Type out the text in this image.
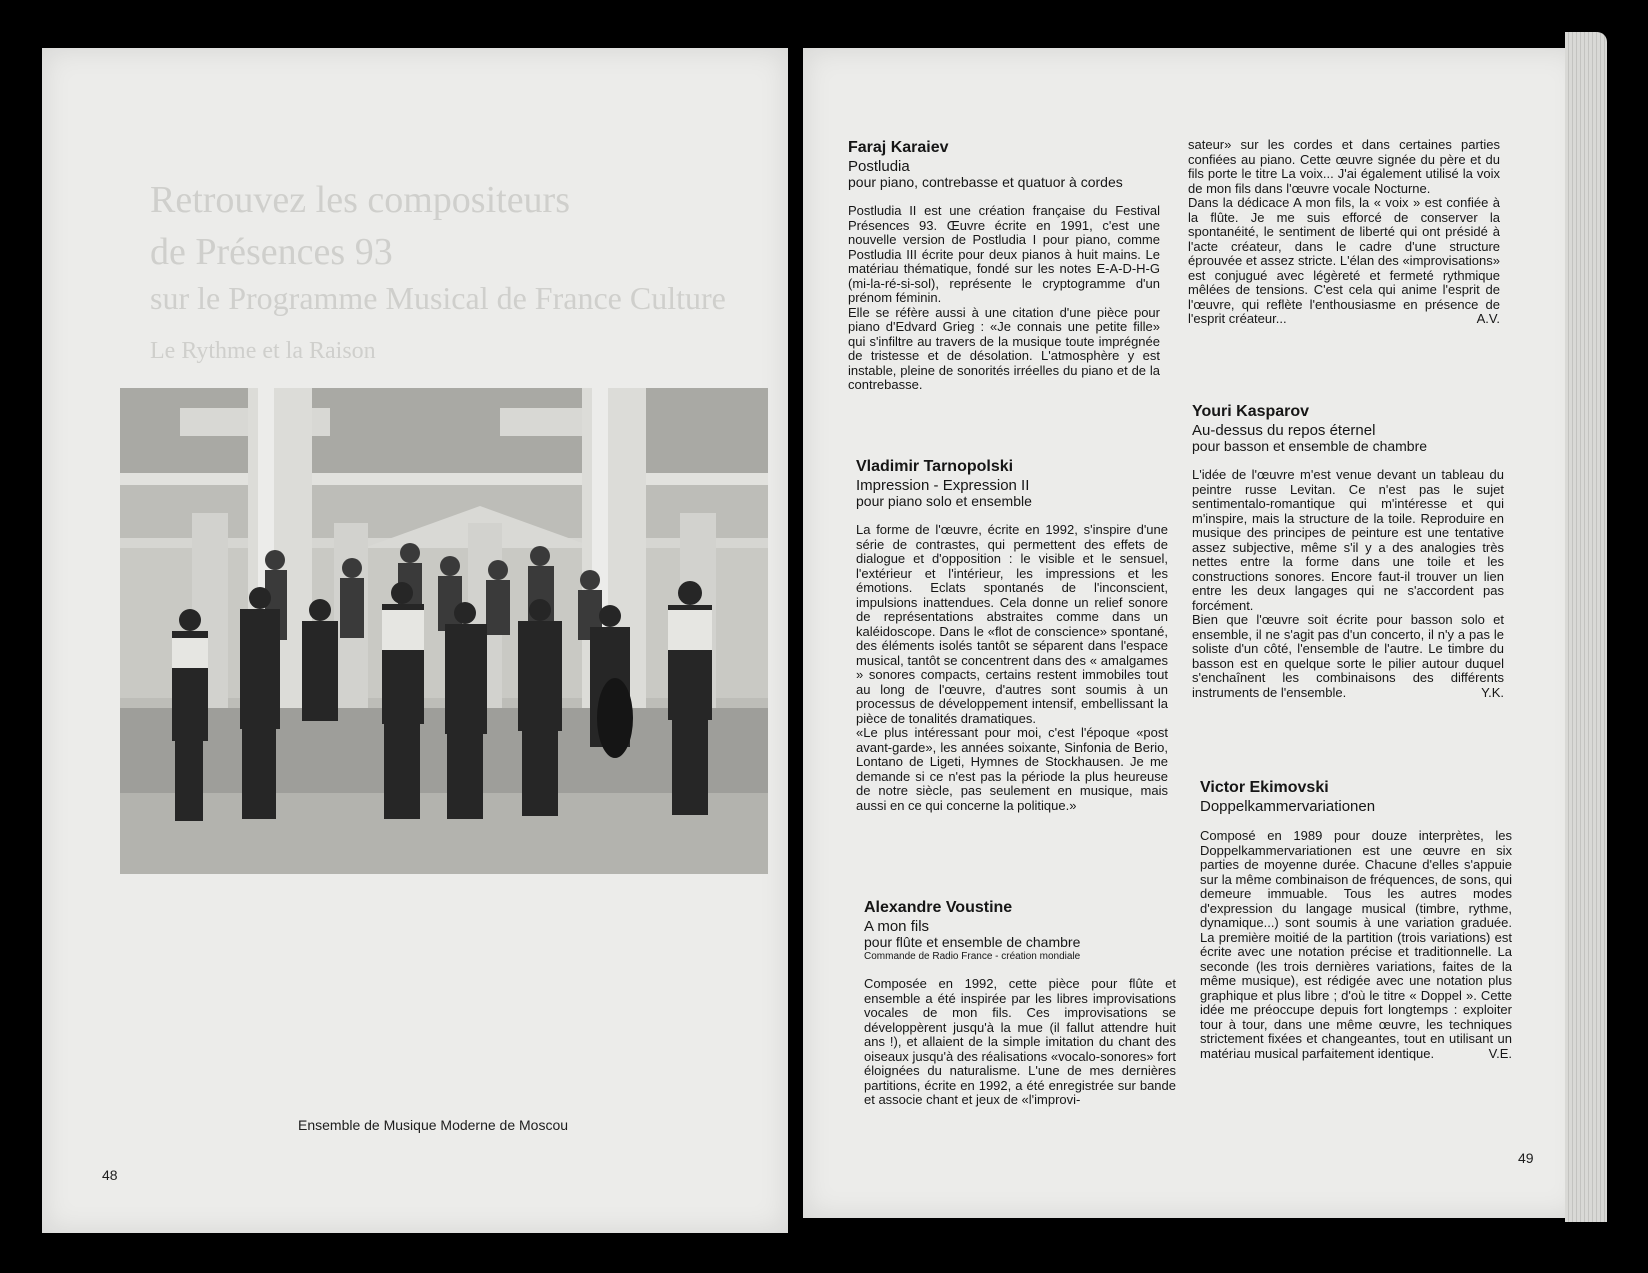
Retrouvez les compositeurs
de Présences 93
sur le Programme Musical de France Culture
Le Rythme et la Raison
Ensemble de Musique Moderne de Moscou
48
49
Faraj Karaiev
Postludia
pour piano, contrebasse et quatuor à cordes

Postludia II est une création française du Festival Présences 93. Œuvre écrite en 1991, c'est une nouvelle version de Postludia I pour piano, comme Postludia III écrite pour deux pianos à huit mains. Le matériau thématique, fondé sur les notes E-A-D-H-G (mi-la-ré-si-sol), représente le cryptogramme d'un prénom féminin.

Elle se réfère aussi à une citation d'une pièce pour piano d'Edvard Grieg : «Je connais une petite fille» qui s'infiltre au travers de la musique toute imprégnée de tristesse et de désolation. L'atmosphère y est instable, pleine de sonorités irréelles du piano et de la contrebasse.

Vladimir Tarnopolski
Impression - Expression II
pour piano solo et ensemble

La forme de l'œuvre, écrite en 1992, s'inspire d'une série de contrastes, qui permettent des effets de dialogue et d'opposition : le visible et le sensuel, l'extérieur et l'intérieur, les impressions et les émotions. Eclats spontanés de l'inconscient, impulsions inattendues. Cela donne un relief sonore de représentations abstraites comme dans un kaléidoscope. Dans le «flot de conscience» spontané, des éléments isolés tantôt se séparent dans l'espace musical, tantôt se concentrent dans des « amalgames » sonores compacts, certains restent immobiles tout au long de l'œuvre, d'autres sont soumis à un processus de développement intensif, embellissant la pièce de tonalités dramatiques.

«Le plus intéressant pour moi, c'est l'époque «post avant-garde», les années soixante, Sinfonia de Berio, Lontano de Ligeti, Hymnes de Stockhausen. Je me demande si ce n'est pas la période la plus heureuse de notre siècle, pas seulement en musique, mais aussi en ce qui concerne la politique.»

Alexandre Voustine
A mon fils
pour flûte et ensemble de chambre
Commande de Radio France - création mondiale

Composée en 1992, cette pièce pour flûte et ensemble a été inspirée par les libres improvisations vocales de mon fils. Ces improvisations se développèrent jusqu'à la mue (il fallut attendre huit ans !), et allaient de la simple imitation du chant des oiseaux jusqu'à des réalisations «vocalo-sonores» fort éloignées du naturalisme. L'une de mes dernières partitions, écrite en 1992, a été enregistrée sur bande et associe chant et jeux de «l'improvi-

sateur» sur les cordes et dans certaines parties confiées au piano. Cette œuvre signée du père et du fils porte le titre La voix... J'ai également utilisé la voix de mon fils dans l'œuvre vocale Nocturne.

Dans la dédicace A mon fils, la « voix » est confiée à la flûte. Je me suis efforcé de conserver la spontanéité, le sentiment de liberté qui ont présidé à l'acte créateur, dans le cadre d'une structure éprouvée et assez stricte. L'élan des «improvisations» est conjugué avec légèreté et fermeté rythmique mêlées de tensions. C'est cela qui anime l'esprit de l'œuvre, qui reflète l'enthousiasme en présence de l'esprit créateur...	A.V.
Youri Kasparov
Au-dessus du repos éternel
pour basson et ensemble de chambre

L'idée de l'œuvre m'est venue devant un tableau du peintre russe Levitan. Ce n'est pas le sujet sentimentalo-romantique qui m'intéresse et qui m'inspire, mais la structure de la toile. Reproduire en musique des principes de peinture est une tentative assez subjective, même s'il y a des analogies très nettes entre la forme dans une toile et les constructions sonores. Encore faut-il trouver un lien entre les deux langages qui ne s'accordent pas forcément.

Bien que l'œuvre soit écrite pour basson solo et ensemble, il ne s'agit pas d'un concerto, il n'y a pas le soliste d'un côté, l'ensemble de l'autre. Le timbre du basson est en quelque sorte le pilier autour duquel s'enchaînent les combinaisons des différents instruments de l'ensemble.	Y.K.
Victor Ekimovski
Doppelkammervariationen

Composé en 1989 pour douze interprètes, les Doppelkammervariationen est une œuvre en six parties de moyenne durée. Chacune d'elles s'appuie sur la même combinaison de fréquences, de sons, qui demeure immuable. Tous les autres modes d'expression du langage musical (timbre, rythme, dynamique...) sont soumis à une variation graduée. La première moitié de la partition (trois variations) est écrite avec une notation précise et traditionnelle. La seconde (les trois dernières variations, faites de la même musique), est rédigée avec une notation plus graphique et plus libre ; d'où le titre « Doppel ». Cette idée me préoccupe depuis fort longtemps : exploiter tour à tour, dans une même œuvre, les techniques strictement fixées et changeantes, tout en utilisant un matériau musical parfaitement identique.	V.E.
